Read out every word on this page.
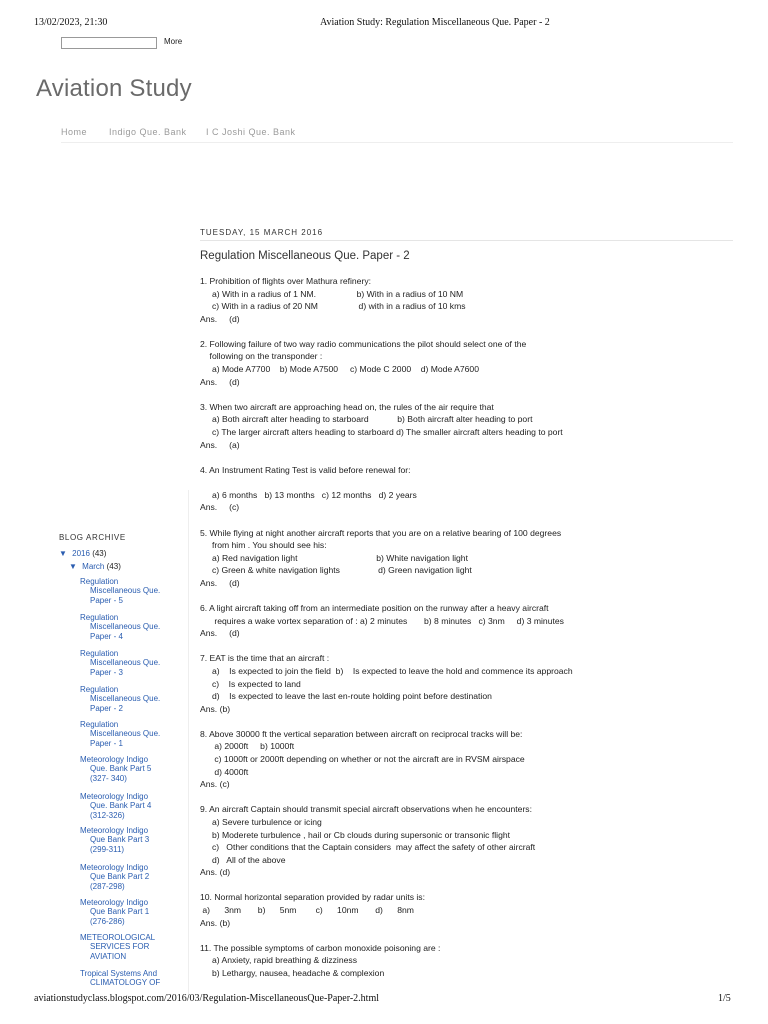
13/02/2023, 21:30	Aviation Study: Regulation Miscellaneous Que. Paper - 2
More
Aviation Study
Home Indigo Que. Bank I C Joshi Que. Bank
TUESDAY, 15 MARCH 2016
Regulation Miscellaneous Que. Paper - 2
1. Prohibition of flights over Mathura refinery:
a) With in a radius of 1 NM.                 b) With in a radius of 10 NM
c) With in a radius of 20 NM                 d) with in a radius of 10 kms
Ans.     (d)
2. Following failure of two way radio communications the pilot should select one of the
following on the transponder :
a) Mode A7700    b) Mode A7500     c) Mode C 2000    d) Mode A7600
Ans.     (d)
3. When two aircraft are approaching head on, the rules of the air require that
a) Both aircraft alter heading to starboard            b) Both aircraft alter heading to port
c) The larger aircraft alters heading to starboard d) The smaller aircraft alters heading to port
Ans.     (a)
4. An Instrument Rating Test is valid before renewal for:
a) 6 months   b) 13 months   c) 12 months   d) 2 years
Ans.     (c)
5. While flying at night another aircraft reports that you are on a relative bearing of 100 degrees
from him . You should see his:
a) Red navigation light                                 b) White navigation light
c) Green & white navigation lights                d) Green navigation light
Ans.     (d)
6. A light aircraft taking off from an intermediate position on the runway after a heavy aircraft
requires a wake vortex separation of : a) 2 minutes       b) 8 minutes   c) 3nm     d) 3 minutes
Ans.     (d)
7. EAT is the time that an aircraft :
a)    Is expected to join the field  b)    Is expected to leave the hold and commence its approach
c)    Is expected to land
d)    Is expected to leave the last en-route holding point before destination
Ans. (b)
8. Above 30000 ft the vertical separation between aircraft on reciprocal tracks will be:
a) 2000ft     b) 1000ft
c) 1000ft or 2000ft depending on whether or not the aircraft are in RVSM airspace
d) 4000ft
Ans. (c)
9. An aircraft Captain should transmit special aircraft observations when he encounters:
a) Severe turbulence or icing
b) Moderete turbulence , hail or Cb clouds during supersonic or transonic flight
c)   Other conditions that the Captain considers  may affect the safety of other aircraft
d)   All of the above
Ans. (d)
10. Normal horizontal separation provided by radar units is:
a)      3nm       b)      5nm        c)      10nm       d)      8nm
Ans. (b)
11. The possible symptoms of carbon monoxide poisoning are :
a) Anxiety, rapid breathing & dizziness
b) Lethargy, nausea, headache & complexion
BLOG ARCHIVE
▼ 2016 (43)
▼ March (43)
Regulation
Miscellaneous Que.
Paper - 5
Regulation
Miscellaneous Que.
Paper - 4
Regulation
Miscellaneous Que.
Paper - 3
Regulation
Miscellaneous Que.
Paper - 2
Regulation
Miscellaneous Que.
Paper - 1
Meteorology Indigo
Que. Bank Part 5
(327- 340)
Meteorology Indigo
Que. Bank Part 4
(312-326)
Meteorology Indigo
Que Bank Part 3
(299-311)
Meteorology Indigo
Que Bank Part 2
(287-298)
Meteorology Indigo
Que Bank Part 1
(276-286)
METEOROLOGICAL
SERVICES FOR
AVIATION
Tropical Systems And
CLIMATOLOGY OF
aviationstudyclass.blogspot.com/2016/03/Regulation-MiscellaneousQue-Paper-2.html	1/5
